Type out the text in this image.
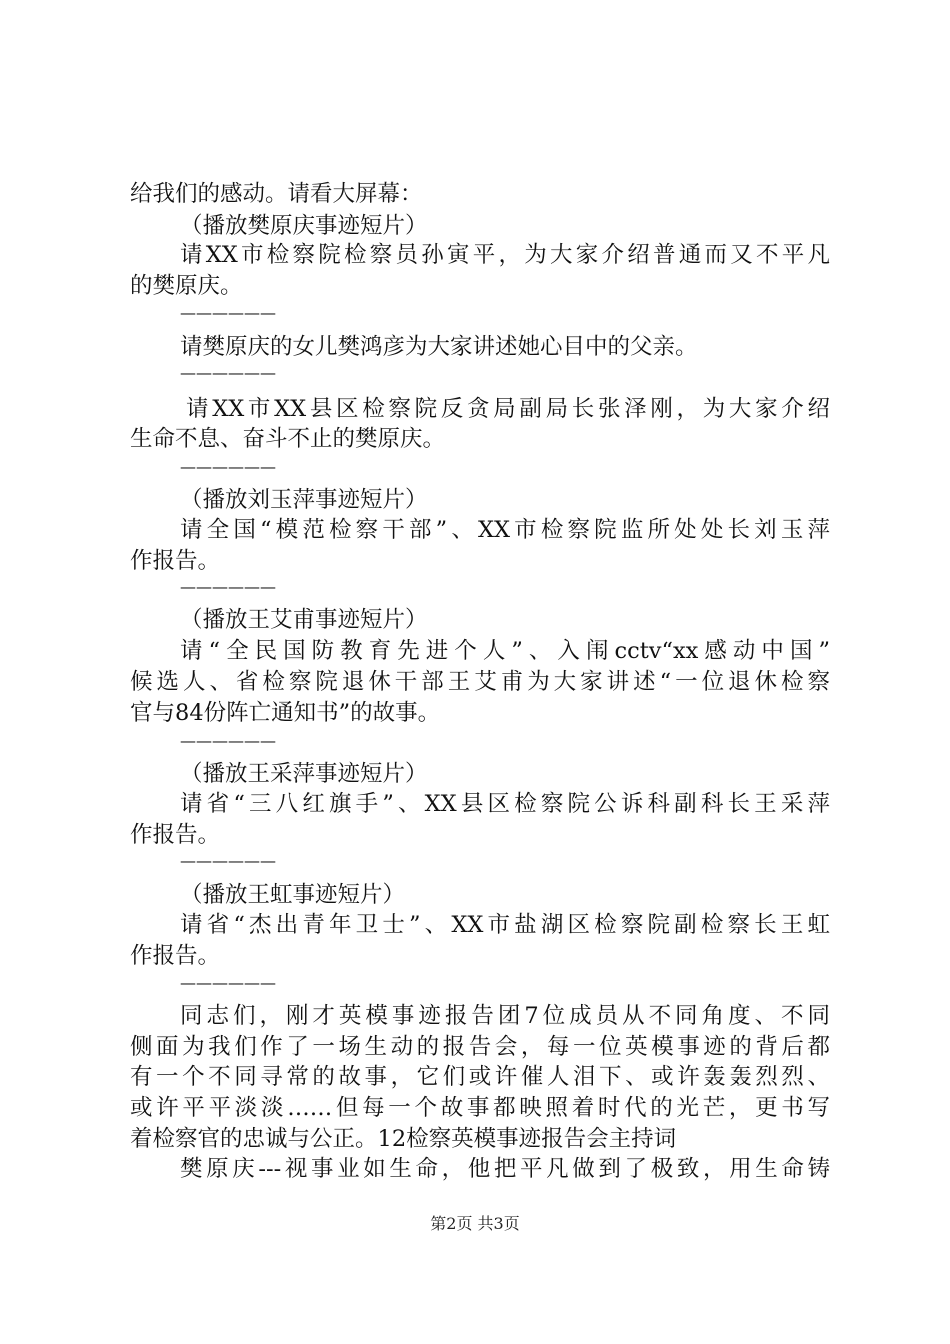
给我们的感动。请看大屏幕：
（播放樊原庆事迹短片）
请XX市检察院检察员孙寅平，为大家介绍普通而又不平凡
的樊原庆。
——————
请樊原庆的女儿樊鸿彦为大家讲述她心目中的父亲。
——————
请XX市XX县区检察院反贪局副局长张泽刚，为大家介绍
生命不息、奋斗不止的樊原庆。
——————
（播放刘玉萍事迹短片）
请全国“模范检察干部”、XX市检察院监所处处长刘玉萍
作报告。
——————
（播放王艾甫事迹短片）
请“全民国防教育先进个人”、入闱cctv“xx感动中国”
候选人、省检察院退休干部王艾甫为大家讲述“一位退休检察
官与84份阵亡通知书”的故事。
——————
（播放王采萍事迹短片）
请省“三八红旗手”、XX县区检察院公诉科副科长王采萍
作报告。
——————
（播放王虹事迹短片）
请省“杰出青年卫士”、XX市盐湖区检察院副检察长王虹
作报告。
——————
同志们，刚才英模事迹报告团7位成员从不同角度、不同
侧面为我们作了一场生动的报告会，每一位英模事迹的背后都
有一个不同寻常的故事，它们或许催人泪下、或许轰轰烈烈、
或许平平淡淡……但每一个故事都映照着时代的光芒，更书写
着检察官的忠诚与公正。12检察英模事迹报告会主持词
樊原庆---视事业如生命，他把平凡做到了极致，用生命铸
第2页 共3页
